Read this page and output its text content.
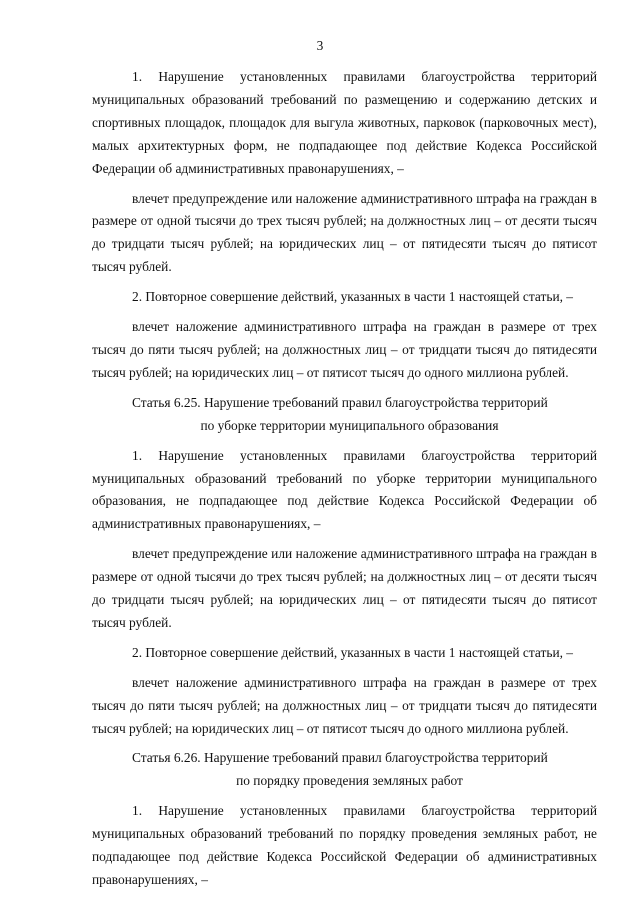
3

1. Нарушение установленных правилами благоустройства территорий муниципальных образований требований по размещению и содержанию детских и спортивных площадок, площадок для выгула животных, парковок (парковочных мест), малых архитектурных форм, не подпадающее под действие Кодекса Российской Федерации об административных правонарушениях, –

влечет предупреждение или наложение административного штрафа на граждан в размере от одной тысячи до трех тысяч рублей; на должностных лиц – от десяти тысяч до тридцати тысяч рублей; на юридических лиц – от пятидесяти тысяч до пятисот тысяч рублей.

2. Повторное совершение действий, указанных в части 1 настоящей статьи, –

влечет наложение административного штрафа на граждан в размере от трех тысяч до пяти тысяч рублей; на должностных лиц – от тридцати тысяч до пятидесяти тысяч рублей; на юридических лиц – от пятисот тысяч до одного миллиона рублей.

Статья 6.25. Нарушение требований правил благоустройства территорий

по уборке территории муниципального образования

1. Нарушение установленных правилами благоустройства территорий муниципальных образований требований по уборке территории муниципального образования, не подпадающее под действие Кодекса Российской Федерации об административных правонарушениях, –

влечет предупреждение или наложение административного штрафа на граждан в размере от одной тысячи до трех тысяч рублей; на должностных лиц – от десяти тысяч до тридцати тысяч рублей; на юридических лиц – от пятидесяти тысяч до пятисот тысяч рублей.

2. Повторное совершение действий, указанных в части 1 настоящей статьи, –

влечет наложение административного штрафа на граждан в размере от трех тысяч до пяти тысяч рублей; на должностных лиц – от тридцати тысяч до пятидесяти тысяч рублей; на юридических лиц – от пятисот тысяч до одного миллиона рублей.

Статья 6.26. Нарушение требований правил благоустройства территорий

по порядку проведения земляных работ

1. Нарушение установленных правилами благоустройства территорий муниципальных образований требований по порядку проведения земляных работ, не подпадающее под действие Кодекса Российской Федерации об административных правонарушениях, –
